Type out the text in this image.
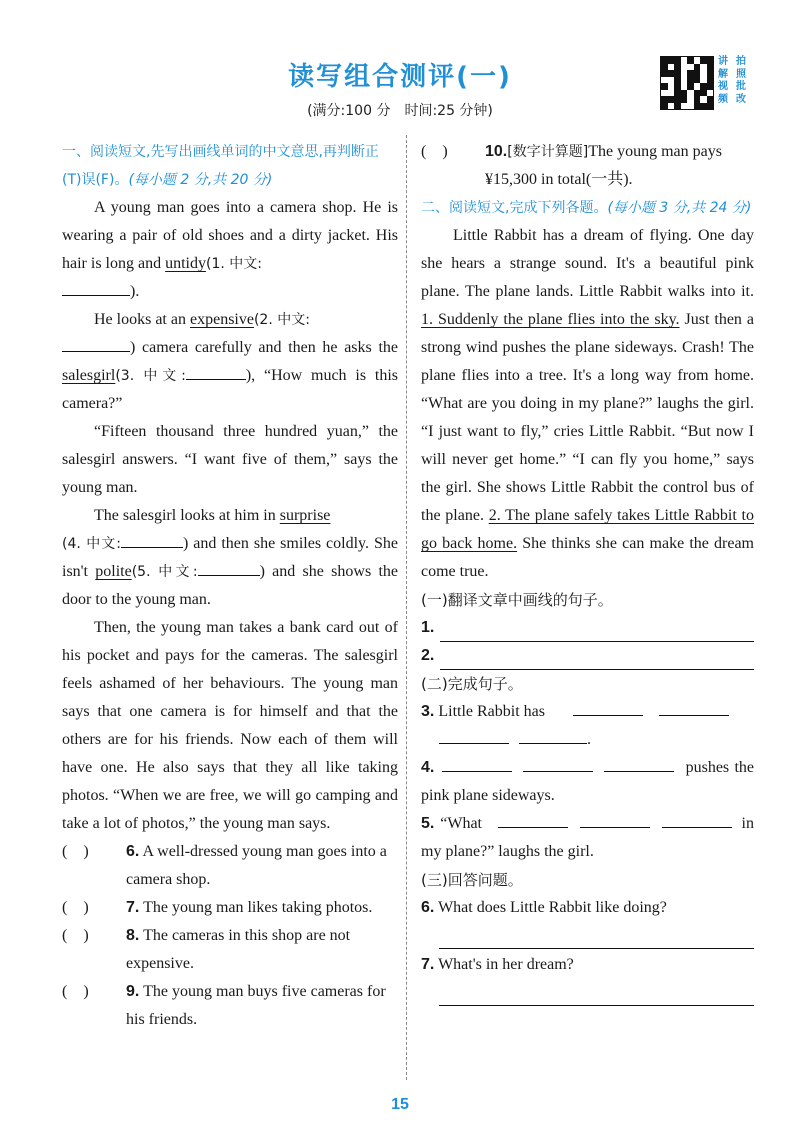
读写组合测评(一)
(满分:100 分　时间:25 分钟)
讲 拍
解 照
视 批
频 改

一、阅读短文,先写出画线单词的中文意思,再判断正(T)误(F)。(每小题 2 分,共 20 分)

A young man goes into a camera shop. He is wearing a pair of old shoes and a dirty jacket. His hair is long and untidy(1. 中文:
).

He looks at an expensive(2. 中文:
) camera carefully and then he asks the salesgirl(3. 中文:	), “How much is this camera?”

“Fifteen thousand three hundred yuan,” the salesgirl answers. “I want five of them,” says the young man.

The salesgirl looks at him in surprise
(4. 中文:	) and then she smiles coldly. She isn't polite(5. 中文:	) and she shows the door to the young man.

Then, the young man takes a bank card out of his pocket and pays for the cameras. The salesgirl feels ashamed of her behaviours. The young man says that one camera is for himself and that the others are for his friends. Now each of them will have one. He also says that they all like taking photos. “When we are free, we will go camping and take a lot of photos,” the young man says.

(    )	6. A well-dressed young man goes into a camera shop.
(    )	7. The young man likes taking photos.
(    )	8. The cameras in this shop are not expensive.
(    )	9. The young man buys five cameras for his friends.
(    )	10.[数字计算题]The young man pays ¥15,300 in total(一共).

二、阅读短文,完成下列各题。(每小题 3 分,共 24 分)

Little Rabbit has a dream of flying. One day she hears a strange sound. It's a beautiful pink plane. The plane lands. Little Rabbit walks into it. 1. Suddenly the plane flies into the sky. Just then a strong wind pushes the plane sideways. Crash! The plane flies into a tree. It's a long way from home. “What are you doing in my plane?” laughs the girl. “I just want to fly,” cries Little Rabbit. “But now I will never get home.” “I can fly you home,” says the girl. She shows Little Rabbit the control bus of the plane. 2. The plane safely takes Little Rabbit to go back home. She thinks she can make the dream come true.

(一)翻译文章中画线的句子。

1.
2.

(二)完成句子。

3. Little Rabbit has
.

4.	pushes the pink plane sideways.

5. “What	in my plane?” laughs the girl.

(三)回答问题。

6. What does Little Rabbit like doing?

7. What's in her dream?

15
